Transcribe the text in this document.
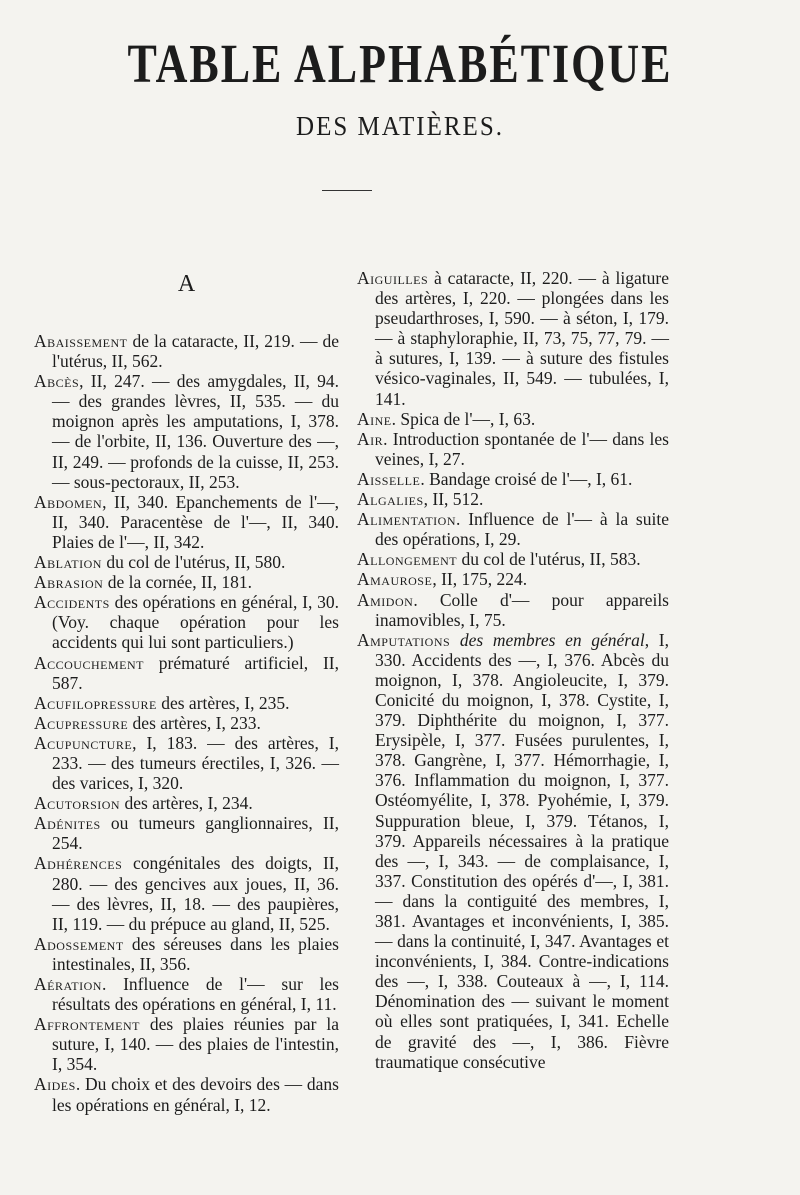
TABLE ALPHABÉTIQUE
DES MATIÈRES.
A

Abaissement de la cataracte, II, 219. — de l'utérus, II, 562.

Abcès, II, 247. — des amygdales, II, 94. — des grandes lèvres, II, 535. — du moignon après les amputations, I, 378. — de l'orbite, II, 136. Ouverture des —, II, 249. — profonds de la cuisse, II, 253. — sous-pectoraux, II, 253.

Abdomen, II, 340. Epanchements de l'—, II, 340. Paracentèse de l'—, II, 340. Plaies de l'—, II, 342.

Ablation du col de l'utérus, II, 580.

Abrasion de la cornée, II, 181.

Accidents des opérations en général, I, 30. (Voy. chaque opération pour les accidents qui lui sont particuliers.)

Accouchement prématuré artificiel, II, 587.

Acufilopressure des artères, I, 235.

Acupressure des artères, I, 233.

Acupuncture, I, 183. — des artères, I, 233. — des tumeurs érectiles, I, 326. — des varices, I, 320.

Acutorsion des artères, I, 234.

Adénites ou tumeurs ganglionnaires, II, 254.

Adhérences congénitales des doigts, II, 280. — des gencives aux joues, II, 36. — des lèvres, II, 18. — des paupières, II, 119. — du prépuce au gland, II, 525.

Adossement des séreuses dans les plaies intestinales, II, 356.

Aération. Influence de l'— sur les résultats des opérations en général, I, 11.

Affrontement des plaies réunies par la suture, I, 140. — des plaies de l'intestin, I, 354.

Aides. Du choix et des devoirs des — dans les opérations en général, I, 12.

Aiguilles à cataracte, II, 220. — à ligature des artères, I, 220. — plongées dans les pseudarthroses, I, 590. — à séton, I, 179. — à staphyloraphie, II, 73, 75, 77, 79. — à sutures, I, 139. — à suture des fistules vésico-vaginales, II, 549. — tubulées, I, 141.

Aine. Spica de l'—, I, 63.

Air. Introduction spontanée de l'— dans les veines, I, 27.

Aisselle. Bandage croisé de l'—, I, 61.

Algalies, II, 512.

Alimentation. Influence de l'— à la suite des opérations, I, 29.

Allongement du col de l'utérus, II, 583.

Amaurose, II, 175, 224.

Amidon. Colle d'— pour appareils inamovibles, I, 75.

Amputations des membres en général, I, 330. Accidents des —, I, 376. Abcès du moignon, I, 378. Angioleucite, I, 379. Conicité du moignon, I, 378. Cystite, I, 379. Diphthérite du moignon, I, 377. Erysipèle, I, 377. Fusées purulentes, I, 378. Gangrène, I, 377. Hémorrhagie, I, 376. Inflammation du moignon, I, 377. Ostéomyélite, I, 378. Pyohémie, I, 379. Suppuration bleue, I, 379. Tétanos, I, 379. Appareils nécessaires à la pratique des —, I, 343. — de complaisance, I, 337. Constitution des opérés d'—, I, 381. — dans la contiguité des membres, I, 381. Avantages et inconvénients, I, 385. — dans la continuité, I, 347. Avantages et inconvénients, I, 384. Contre-indications des —, I, 338. Couteaux à —, I, 114. Dénomination des — suivant le moment où elles sont pratiquées, I, 341. Echelle de gravité des —, I, 386. Fièvre traumatique consécutive
